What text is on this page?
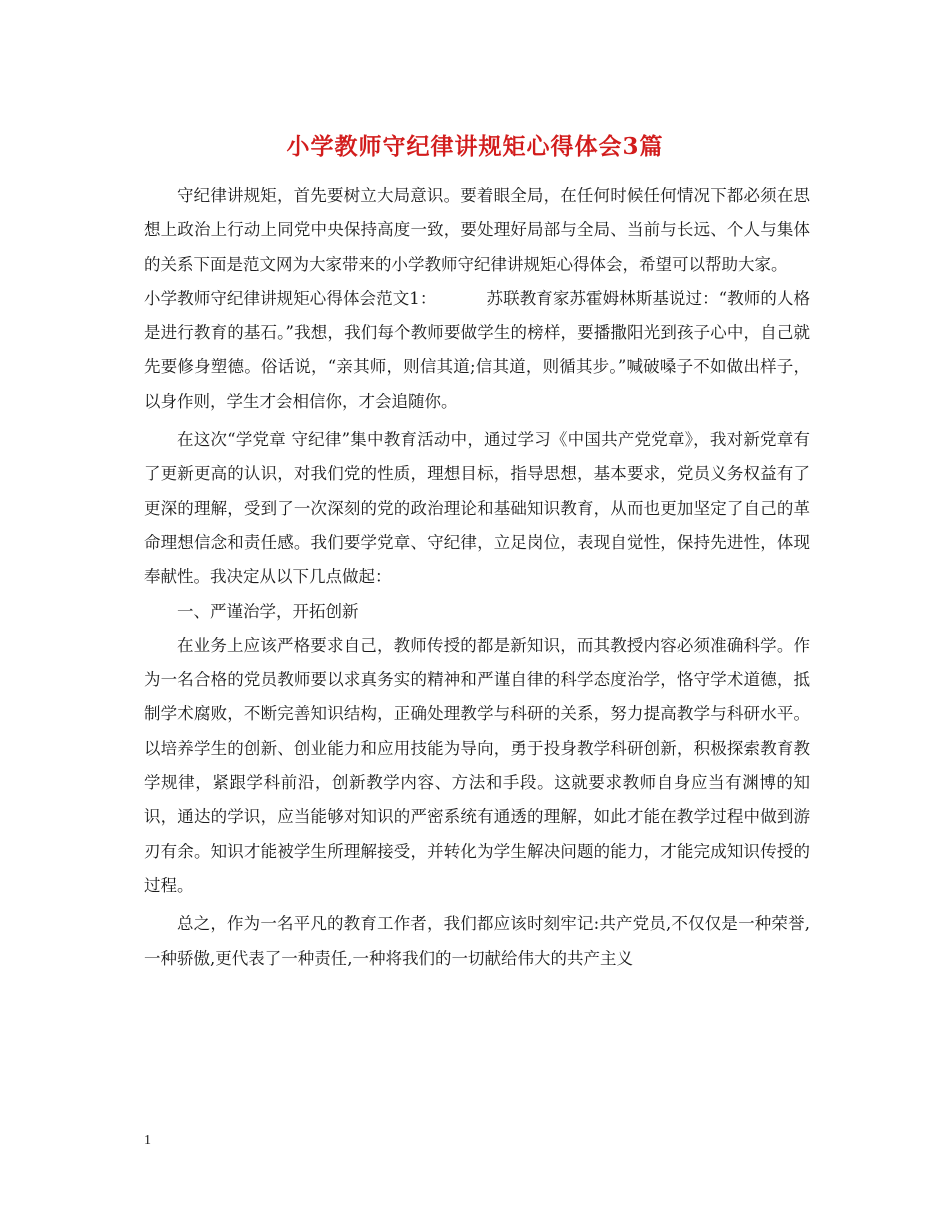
小学教师守纪律讲规矩心得体会3篇

守纪律讲规矩，首先要树立大局意识。要着眼全局，在任何时候任何情况下都必须在思想上政治上行动上同党中央保持高度一致，要处理好局部与全局、当前与长远、个人与集体的关系下面是范文网为大家带来的小学教师守纪律讲规矩心得体会，希望可以帮助大家。

小学教师守纪律讲规矩心得体会范文1：	苏联教育家苏霍姆林斯基说过：“教师的人格是进行教育的基石。”我想，我们每个教师要做学生的榜样，要播撒阳光到孩子心中，自己就先要修身塑德。俗话说，“亲其师，则信其道;信其道，则循其步。”喊破嗓子不如做出样子，以身作则，学生才会相信你，才会追随你。

在这次“学党章 守纪律”集中教育活动中，通过学习《中国共产党党章》，我对新党章有了更新更高的认识，对我们党的性质，理想目标，指导思想，基本要求，党员义务权益有了更深的理解，受到了一次深刻的党的政治理论和基础知识教育，从而也更加坚定了自己的革命理想信念和责任感。我们要学党章、守纪律，立足岗位，表现自觉性，保持先进性，体现奉献性。我决定从以下几点做起：

一、严谨治学，开拓创新

在业务上应该严格要求自己，教师传授的都是新知识，而其教授内容必须准确科学。作为一名合格的党员教师要以求真务实的精神和严谨自律的科学态度治学，恪守学术道德，抵制学术腐败，不断完善知识结构，正确处理教学与科研的关系，努力提高教学与科研水平。以培养学生的创新、创业能力和应用技能为导向，勇于投身教学科研创新，积极探索教育教学规律，紧跟学科前沿，创新教学内容、方法和手段。这就要求教师自身应当有渊博的知识，通达的学识，应当能够对知识的严密系统有通透的理解，如此才能在教学过程中做到游刃有余。知识才能被学生所理解接受，并转化为学生解决问题的能力，才能完成知识传授的过程。

总之，作为一名平凡的教育工作者，我们都应该时刻牢记:共产党员,不仅仅是一种荣誉,一种骄傲,更代表了一种责任,一种将我们的一切献给伟大的共产主义

1
